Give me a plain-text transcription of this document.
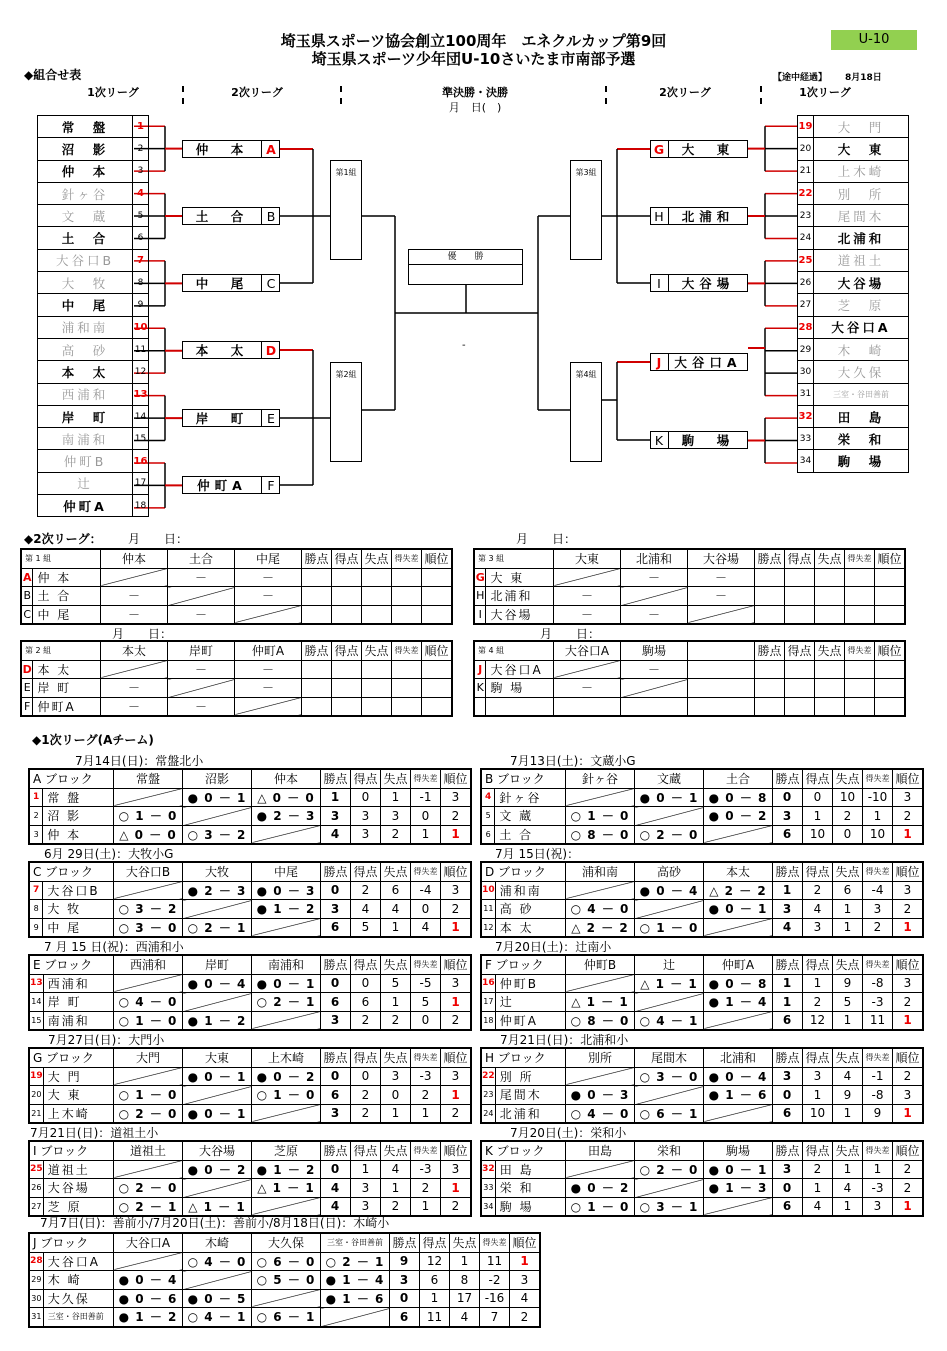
埼玉県スポーツ協会創立100周年　エネクルカップ第9回
埼玉県スポーツ少年団U-10さいたま市南部予選
U-10
◆組合せ表	【途中経過】 8月18日
1次リーグ	2次リーグ	準決勝・決勝
月　日(　)
2次リーグ	1次リーグ
常　盤	1
沼　影	2
仲　本	3
針ヶ谷	4
文　蔵	5
土　合	6
大谷口B	7
大　牧	8
中　尾	9
浦和南	10
高　砂	11
本　太	12
西浦和	13
岸　町	14
南浦和	15
仲町B	16
辻	17
仲町A	18
19	大　門
20	大　東
21	上木崎
22	別　所
23	尾間木
24	北浦和
25	道祖土
26	大谷場
27	芝　原
28	大谷口A
29	木　崎
30	大久保
31	三室・谷田善前
32	田　島
33	栄　和
34	駒　場
仲　本	A
土　合	B
中　尾	C
本　太	D
岸　町	E
仲町A	F
大　東
G
北浦和
H
大谷場
I
大谷口A
J
駒　場
K
第1組
第2組
第3組
第4組
優　　勝
-
◆2次リーグ： 月　　日：	月　　日：
月　　日：	月　　日：
第 1 組		仲本	土合	中尾	勝点	得点	失点	得失差	順位
A	仲 本		－	－					
B	土 合	－		－					
C	中 尾	－	－						
第 3 組		大東	北浦和	大谷場	勝点	得点	失点	得失差	順位
G	大 東		－	－					
H	北浦和	－		－					
I	大谷場	－	－						
第 2 組		本太	岸町	仲町A	勝点	得点	失点	得失差	順位
D	本 太		－	－					
E	岸 町	－		－					
F	仲町A	－	－						
第 4 組		大谷口A	駒場		勝点	得点	失点	得失差	順位
J	大谷口A		－						
K	駒 場	－							

◆1次リーグ(Aチーム)
7月14日(日)：常盤北小
A ブロック		常盤	沼影	仲本	勝点	得点	失点	得失差	順位
1	常 盤		● 0 － 1	△ 0 － 0	1	0	1	-1	3
2	沼 影	○ 1 － 0		● 2 － 3	3	3	3	0	2
3	仲 本	△ 0 － 0	○ 3 － 2		4	3	2	1	1
7月13日(土)：文蔵小G
B ブロック		針ヶ谷	文蔵	土合	勝点	得点	失点	得失差	順位
4	針ヶ谷		● 0 － 1	● 0 － 8	0	0	10	-10	3
5	文 蔵	○ 1 － 0		● 0 － 2	3	1	2	1	2
6	土 合	○ 8 － 0	○ 2 － 0		6	10	0	10	1
6月 29日(土)：大牧小G
C ブロック		大谷口B	大牧	中尾	勝点	得点	失点	得失差	順位
7	大谷口B		● 2 － 3	● 0 － 3	0	2	6	-4	3
8	大 牧	○ 3 － 2		● 1 － 2	3	4	4	0	2
9	中 尾	○ 3 － 0	○ 2 － 1		6	5	1	4	1
7月 15日(祝)：
D ブロック		浦和南	高砂	本太	勝点	得点	失点	得失差	順位
10	浦和南		● 0 － 4	△ 2 － 2	1	2	6	-4	3
11	高 砂	○ 4 － 0		● 0 － 1	3	4	1	3	2
12	本 太	△ 2 － 2	○ 1 － 0		4	3	1	2	1
7 月 15 日(祝)：西浦和小
E ブロック		西浦和	岸町	南浦和	勝点	得点	失点	得失差	順位
13	西浦和		● 0 － 4	● 0 － 1	0	0	5	-5	3
14	岸 町	○ 4 － 0		○ 2 － 1	6	6	1	5	1
15	南浦和	○ 1 － 0	● 1 － 2		3	2	2	0	2
7月20日(土)：辻南小
F ブロック		仲町B	辻	仲町A	勝点	得点	失点	得失差	順位
16	仲町B		△ 1 － 1	● 0 － 8	1	1	9	-8	3
17	辻	△ 1 － 1		● 1 － 4	1	2	5	-3	2
18	仲町A	○ 8 － 0	○ 4 － 1		6	12	1	11	1
7月27日(日)：大門小
G ブロック		大門	大東	上木崎	勝点	得点	失点	得失差	順位
19	大 門		● 0 － 1	● 0 － 2	0	0	3	-3	3
20	大 東	○ 1 － 0		○ 1 － 0	6	2	0	2	1
21	上木崎	○ 2 － 0	● 0 － 1		3	2	1	1	2
7月21日(日)：北浦和小
H ブロック		別所	尾間木	北浦和	勝点	得点	失点	得失差	順位
22	別 所		○ 3 － 0	● 0 － 4	3	3	4	-1	2
23	尾間木	● 0 － 3		● 1 － 6	0	1	9	-8	3
24	北浦和	○ 4 － 0	○ 6 － 1		6	10	1	9	1
7月21日(日)：道祖土小
I ブロック		道祖土	大谷場	芝原	勝点	得点	失点	得失差	順位
25	道祖土		● 0 － 2	● 1 － 2	0	1	4	-3	3
26	大谷場	○ 2 － 0		△ 1 － 1	4	3	1	2	1
27	芝 原	○ 2 － 1	△ 1 － 1		4	3	2	1	2
7月20日(土)：栄和小
K ブロック		田島	栄和	駒場	勝点	得点	失点	得失差	順位
32	田 島		○ 2 － 0	● 0 － 1	3	2	1	1	2
33	栄 和	● 0 － 2		● 1 － 3	0	1	4	-3	2
34	駒 場	○ 1 － 0	○ 3 － 1		6	4	1	3	1
7月7日(日)：善前小/7月20日(土)：善前小/8月18日(日)：木崎小
J ブロック		大谷口A	木崎	大久保	三室・谷田善前	勝点	得点	失点	得失差	順位
28	大谷口A		○ 4 － 0	○ 6 － 0	○ 2 － 1	9	12	1	11	1
29	木 崎	● 0 － 4		○ 5 － 0	● 1 － 4	3	6	8	-2	3
30	大久保	● 0 － 6	● 0 － 5		● 1 － 6	0	1	17	-16	4
31	三室・谷田善前	● 1 － 2	○ 4 － 1	○ 6 － 1		6	11	4	7	2
